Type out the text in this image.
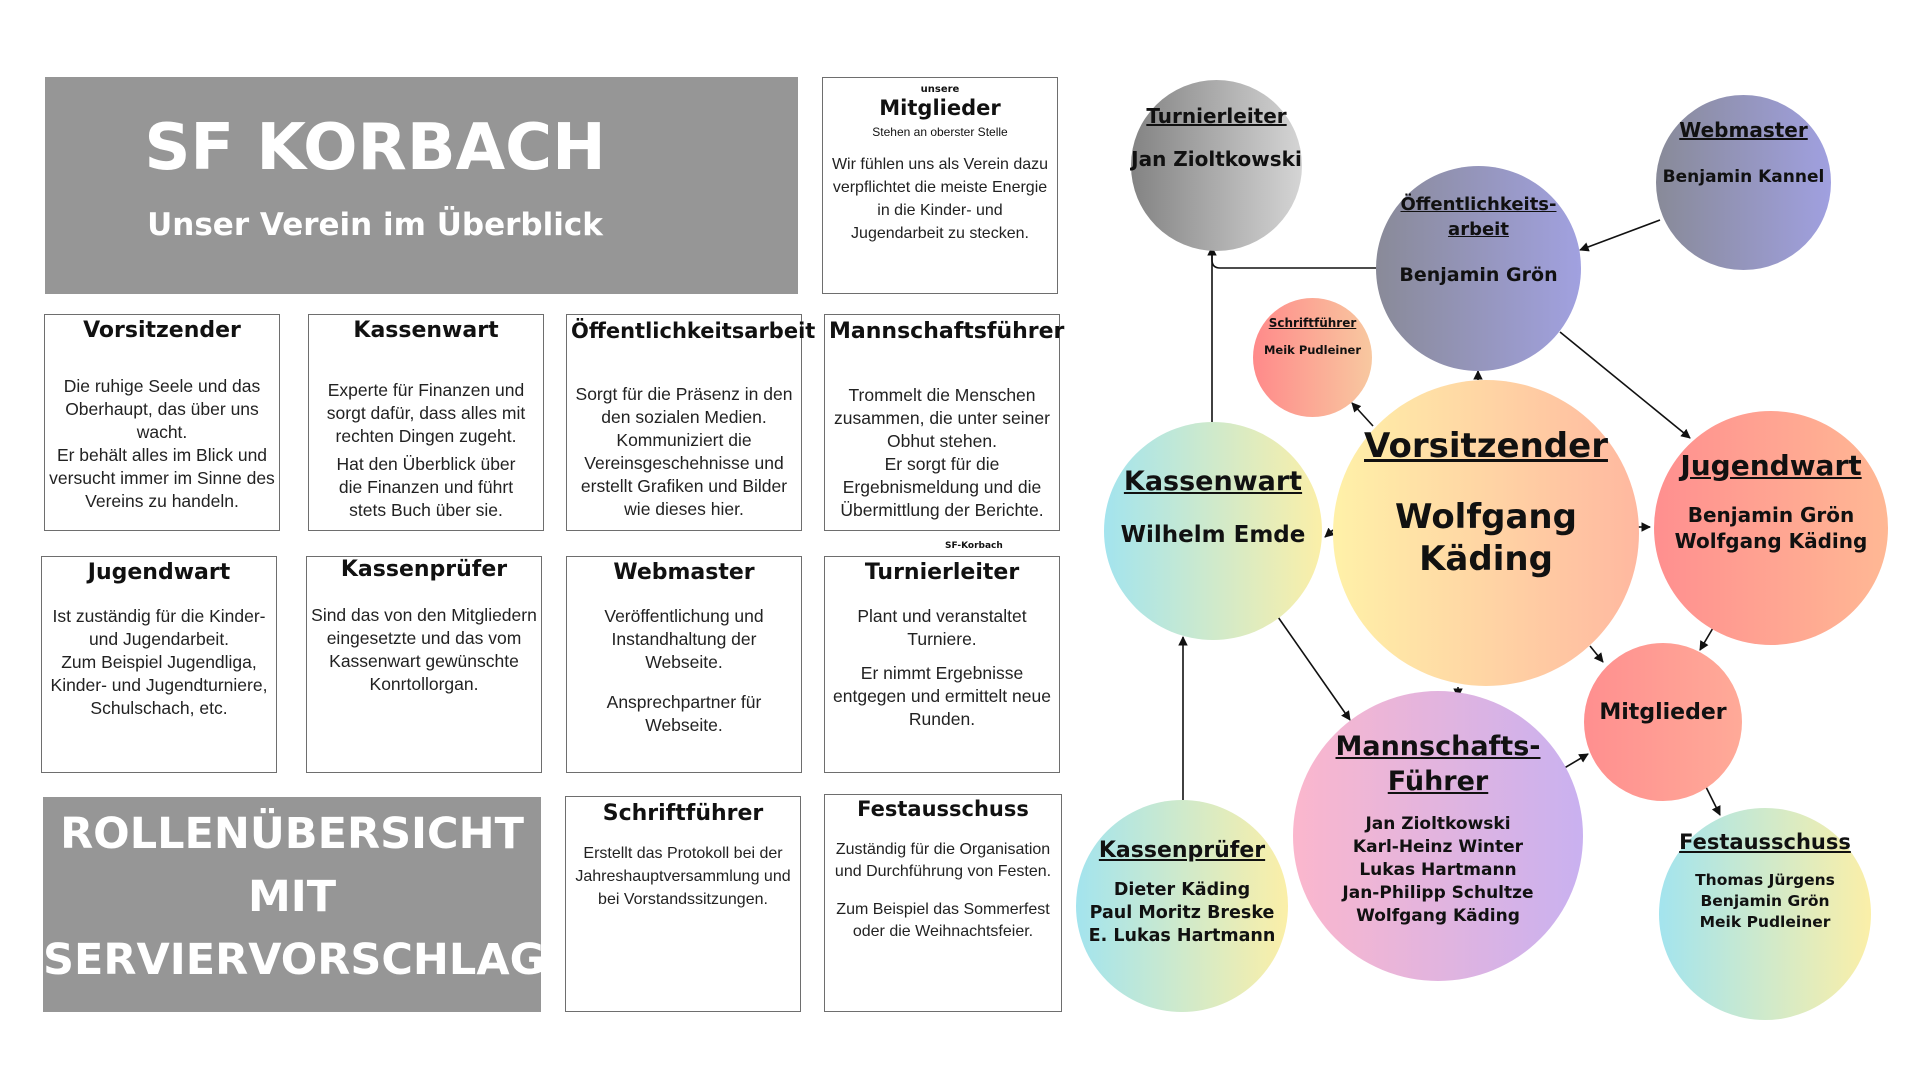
SF KORBACH
Unser Verein im Überblick
unsere
Mitglieder
Stehen an oberster Stelle
Wir fühlen uns als Verein dazu verpflichtet die meiste Energie in die Kinder- und Jugendarbeit zu stecken.
Vorsitzender

Die ruhige Seele und das Oberhaupt, das über uns wacht.

Er behält alles im Blick und versucht immer im Sinne des Vereins zu handeln.

Kassenwart

Experte für Finanzen und sorgt dafür, dass alles mit rechten Dingen zugeht.

Hat den Überblick über die Finanzen und führt stets Buch über sie.

Öffentlichkeitsarbeit

Sorgt für die Präsenz in den den sozialen Medien.

Kommuniziert die Vereinsgeschehnisse und erstellt Grafiken und Bilder wie dieses hier.

Mannschaftsführer

Trommelt die Menschen zusammen, die unter seiner Obhut stehen.

Er sorgt für die Ergebnismeldung und die Übermittlung der Berichte.

Jugendwart

Ist zuständig für die Kinder- und Jugendarbeit.

Zum Beispiel Jugendliga, Kinder- und Jugendturniere, Schulschach, etc.

Kassenprüfer

Sind das von den Mitgliedern eingesetzte und das vom Kassenwart gewünschte Konrtollorgan.

Webmaster

Veröffentlichung und Instandhaltung der Webseite.

Ansprechpartner für Webseite.

SF-Korbach
Turnierleiter

Plant und veranstaltet Turniere.

Er nimmt Ergebnisse entgegen und ermittelt neue Runden.

ROLLENÜBERSICHT
MIT
SERVIERVORSCHLAG
Schriftführer

Erstellt das Protokoll bei der Jahreshauptversammlung und bei Vorstandssitzungen.

Festausschuss

Zuständig für die Organisation und Durchführung von Festen.

Zum Beispiel das Sommerfest oder die Weihnachtsfeier.

Turnierleiter
Jan Zioltkowski
Webmaster
Benjamin Kannel
Öffentlichkeits-
arbeit
Benjamin Grön
Schriftführer
Meik Pudleiner
Vorsitzender
Wolfgang
Käding
Kassenwart
Wilhelm Emde
Jugendwart
Benjamin Grön
Wolfgang Käding
Mitglieder
Mannschafts-
Führer
Jan Zioltkowski
Karl-Heinz Winter
Lukas Hartmann
Jan-Philipp Schultze
Wolfgang Käding
Kassenprüfer
Dieter Käding
Paul Moritz Breske
E. Lukas Hartmann
Festausschuss
Thomas Jürgens
Benjamin Grön
Meik Pudleiner
